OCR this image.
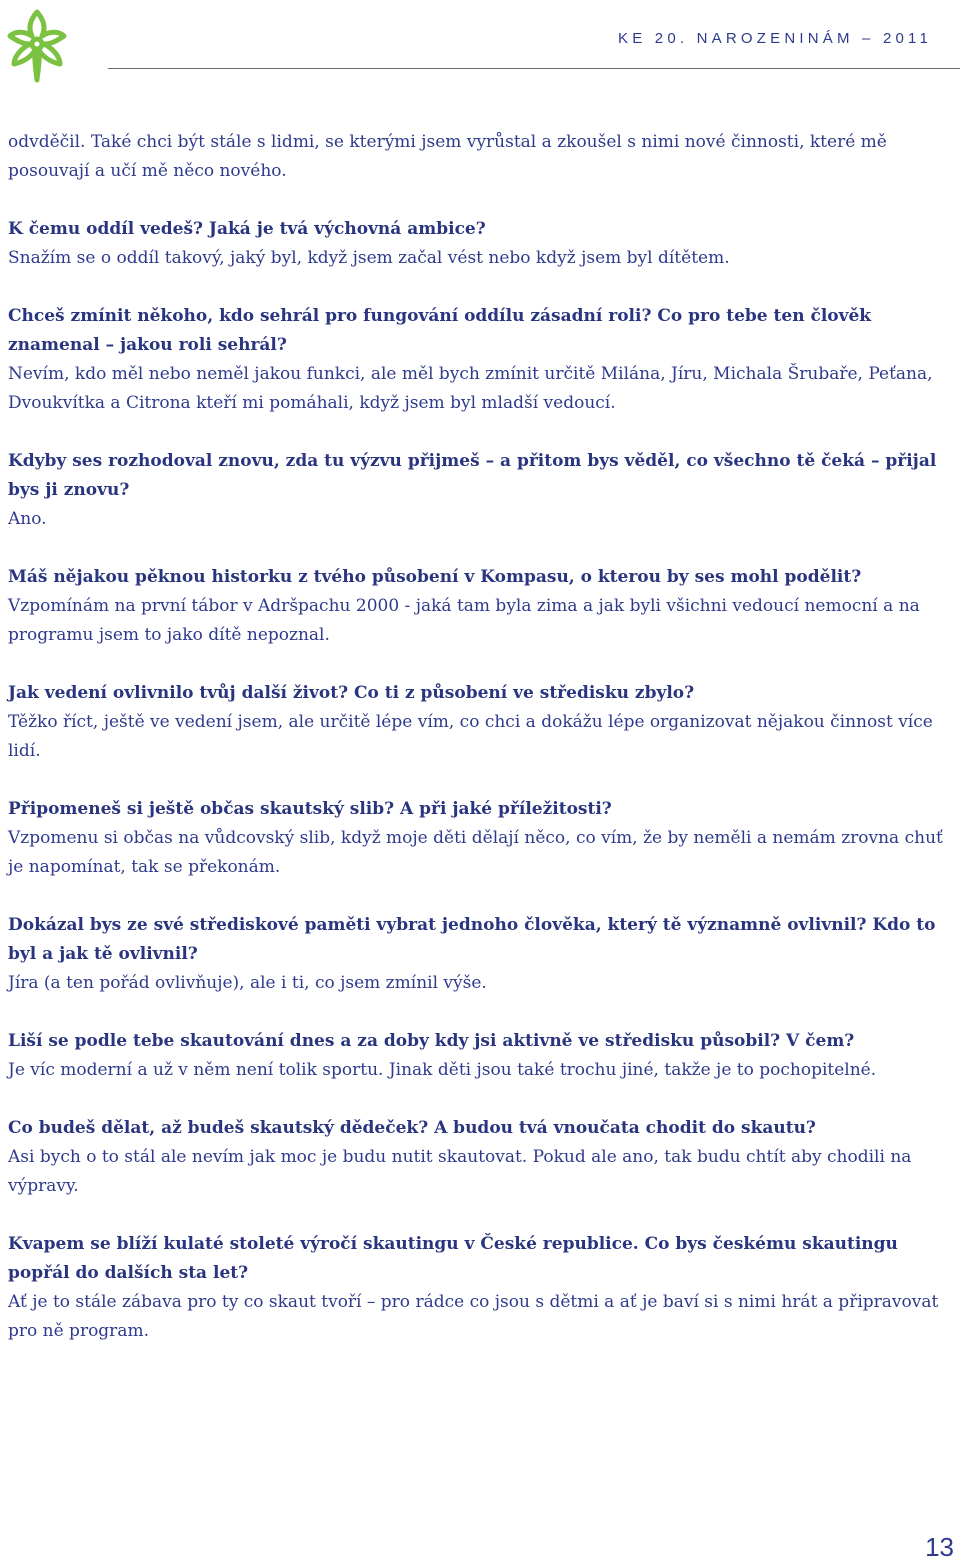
KE 20. NAROZENINÁM – 2011

odvděčil. Také chci být stále s lidmi, se kterými jsem vyrůstal a zkoušel s nimi nové činnosti, které mě posouvají a učí mě něco nového.

K čemu oddíl vedeš? Jaká je tvá výchovná ambice?

Snažím se o oddíl takový, jaký byl, když jsem začal vést nebo když jsem byl dítětem.

Chceš zmínit někoho, kdo sehrál pro fungování oddílu zásadní roli? Co pro tebe ten člověk znamenal – jakou roli sehrál?

Nevím, kdo měl nebo neměl jakou funkci, ale měl bych zmínit určitě Milána, Jíru, Michala Šrubaře, Peťana, Dvoukvítka a Citrona kteří mi pomáhali, když jsem byl mladší vedoucí.

Kdyby ses rozhodoval znovu, zda tu výzvu přijmeš – a přitom bys věděl, co všechno tě čeká – přijal bys ji znovu?

Ano.

Máš nějakou pěknou historku z tvého působení v Kompasu, o kterou by ses mohl podělit?

Vzpomínám na první tábor v Adršpachu 2000 - jaká tam byla zima a jak byli všichni vedoucí nemocní a na programu jsem to jako dítě nepoznal.

Jak vedení ovlivnilo tvůj další život? Co ti z působení ve středisku zbylo?

Těžko říct, ještě ve vedení jsem, ale určitě lépe vím, co chci a dokážu lépe organizovat nějakou činnost více lidí.

Připomeneš si ještě občas skautský slib? A při jaké příležitosti?

Vzpomenu si občas na vůdcovský slib, když moje děti dělají něco, co vím, že by neměli a nemám zrovna chuť je napomínat, tak se překonám.

Dokázal bys ze své střediskové paměti vybrat jednoho člověka, který tě významně ovlivnil? Kdo to byl a jak tě ovlivnil?

Jíra (a ten pořád ovlivňuje), ale i ti, co jsem zmínil výše.

Liší se podle tebe skautování dnes a za doby kdy jsi aktivně ve středisku působil? V čem?

Je víc moderní a už v něm není tolik sportu. Jinak děti jsou také trochu jiné, takže je to pochopitelné.

Co budeš dělat, až budeš skautský dědeček? A budou tvá vnoučata chodit do skautu?

Asi bych o to stál ale nevím jak moc je budu nutit skautovat. Pokud ale ano, tak budu chtít aby chodili na výpravy.

Kvapem se blíží kulaté stoleté výročí skautingu v České republice. Co bys českému skautingu popřál do dalších sta let?

Ať je to stále zábava pro ty co skaut tvoří – pro rádce co jsou s dětmi a ať je baví si s nimi hrát a připravovat pro ně program.

13
